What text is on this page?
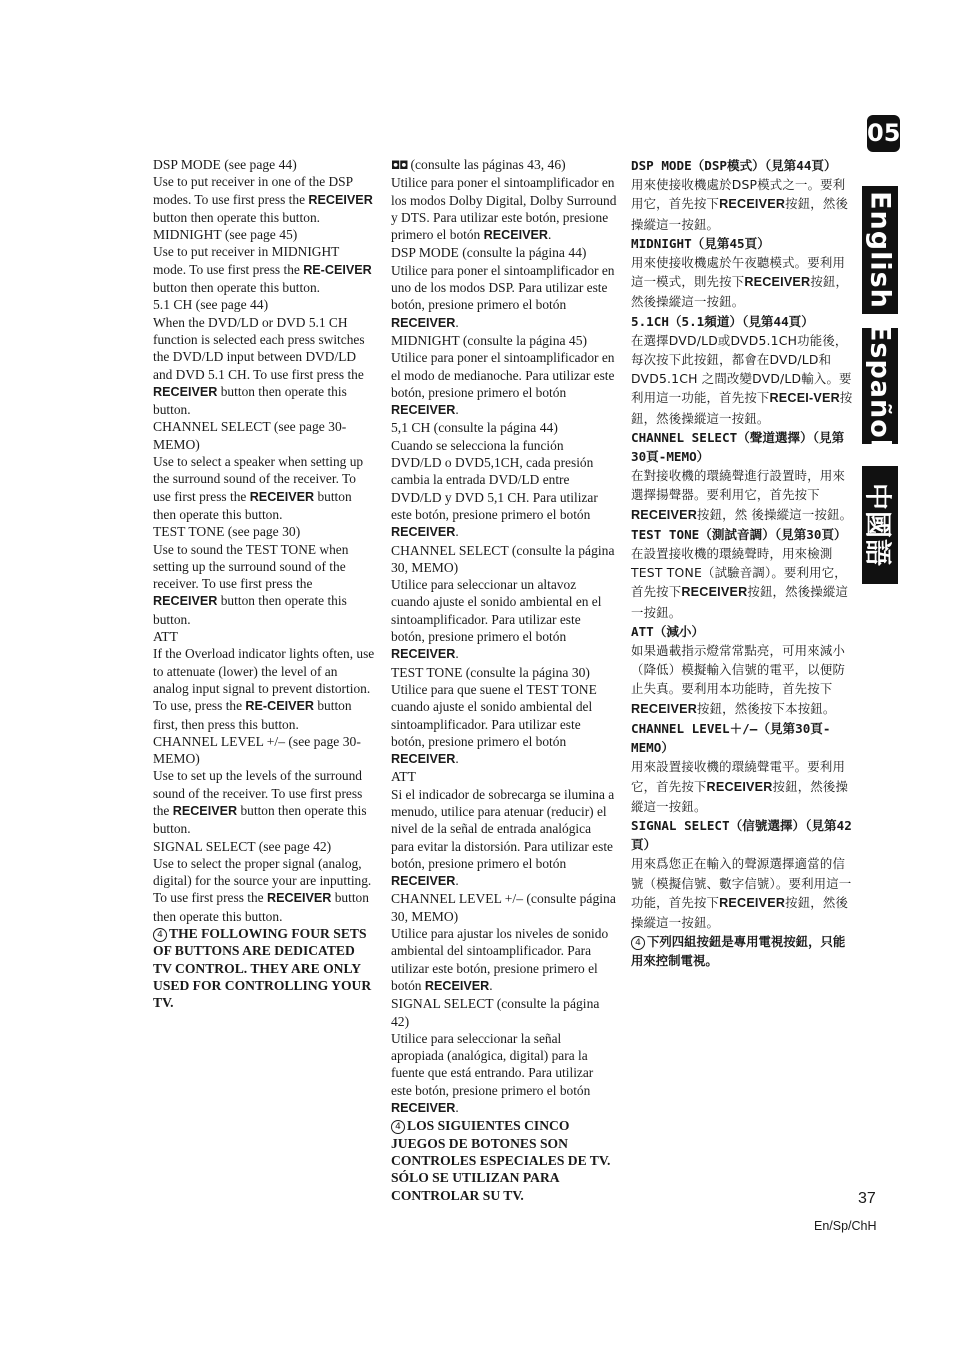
DSP MODE (see page 44)
Use to put receiver in one of the DSP modes. To use first press the RECEIVER button then operate this button.
MIDNIGHT (see page 45)
Use to put receiver in MIDNIGHT mode. To use first press the RE-CEIVER button then operate this button.
5.1 CH (see page 44)
When the DVD/LD or DVD 5.1 CH function is selected each press switches the DVD/LD input between DVD/LD and DVD 5.1 CH. To use first press the RECEIVER button then operate this button.
CHANNEL SELECT (see page 30-MEMO)
Use to select a speaker when setting up the surround sound of the receiver. To use first press the RECEIVER button then operate this button.
TEST TONE (see page 30)
Use to sound the TEST TONE when setting up the surround sound of the receiver. To use first press the RECEIVER button then operate this button.
ATT
If the Overload indicator lights often, use to attenuate (lower) the level of an analog input signal to prevent distortion. To use, press the RE-CEIVER button first, then press this button.
CHANNEL LEVEL +/– (see page 30-MEMO)
Use to set up the levels of the surround sound of the receiver. To use first press the RECEIVER button then operate this button.
SIGNAL SELECT (see page 42)
Use to select the proper signal (analog, digital) for the source your are inputting. To use first press the RECEIVER button then operate this button.
4 THE FOLLOWING FOUR SETS OF BUTTONS ARE DEDICATED TV CONTROL. THEY ARE ONLY USED FOR CONTROLLING YOUR TV.
◘◘ (consulte las páginas 43, 46)
Utilice para poner el sintoamplificador en los modos Dolby Digital, Dolby Surround y DTS. Para utilizar este botón, presione primero el botón RECEIVER.
DSP MODE (consulte la página 44)
Utilice para poner el sintoamplificador en uno de los modos DSP. Para utilizar este botón, presione primero el botón RECEIVER.
MIDNIGHT (consulte la página 45)
Utilice para poner el sintoamplificador en el modo de medianoche. Para utilizar este botón, presione primero el botón RECEIVER.
5,1 CH (consulte la página 44)
Cuando se selecciona la función DVD/LD o DVD5,1CH, cada presión cambia la entrada DVD/LD entre DVD/LD y DVD 5,1 CH. Para utilizar este botón, presione primero el botón RECEIVER.
CHANNEL SELECT (consulte la página 30, MEMO)
Utilice para seleccionar un altavoz cuando ajuste el sonido ambiental en el sintoamplificador. Para utilizar este botón, presione primero el botón RECEIVER.
TEST TONE (consulte la página 30)
Utilice para que suene el TEST TONE cuando ajuste el sonido ambiental del sintoamplificador. Para utilizar este botón, presione primero el botón RECEIVER.
ATT
Si el indicador de sobrecarga se ilumina a menudo, utilice para atenuar (reducir) el nivel de la señal de entrada analógica para evitar la distorsión. Para utilizar este botón, presione primero el botón RECEIVER.
CHANNEL LEVEL +/– (consulte página 30, MEMO)
Utilice para ajustar los niveles de sonido ambiental del sintoamplificador. Para utilizar este botón, presione primero el botón RECEIVER.
SIGNAL SELECT (consulte la página 42)
Utilice para seleccionar la señal apropiada (analógica, digital) para la fuente que está entrando. Para utilizar este botón, presione primero el botón RECEIVER.
4 LOS SIGUIENTES CINCO JUEGOS DE BOTONES SON CONTROLES ESPECIALES DE TV. SÓLO SE UTILIZAN PARA CONTROLAR SU TV.
DSP MODE（DSP模式）（見第44頁）
用來使接收機處於DSP模式之一。要利用它，首先按下RECEIVER按鈕，然後操縱這一按鈕。
MIDNIGHT（見第45頁）
用來使接收機處於午夜聽模式。要利用這一模式，則先按下RECEIVER按鈕，然後操縱這一按鈕。
5.1CH（5.1頻道）（見第44頁）
在選擇DVD/LD或DVD5.1CH功能後，每次按下此按鈕，都會在DVD/LD和DVD5.1CH 之間改變DVD/LD輸入。要利用這一功能，首先按下RECEI-VER按鈕，然後操縱這一按鈕。
CHANNEL SELECT（聲道選擇）（見第30頁-MEMO）
在對接收機的環繞聲進行設置時，用來選擇揚聲器。要利用它，首先按下RECEIVER按鈕，然 後操縱這一按鈕。
TEST TONE（測試音調）（見第30頁）
在設置接收機的環繞聲時，用來檢測TEST TONE（試驗音調）。要利用它，首先按下RECEIVER按鈕，然後操縱這一按鈕。
ATT（減小）
如果過載指示燈常常點亮，可用來減小（降低）模擬輸入信號的電平，以便防止失真。要利用本功能時，首先按下RECEIVER按鈕，然後按下本按鈕。
CHANNEL LEVEL＋/–（見第30頁-MEMO）
用來設置接收機的環繞聲電平。要利用它，首先按下RECEIVER按鈕，然後操縱這一按鈕。
SIGNAL SELECT（信號選擇）（見第42頁）
用來爲您正在輸入的聲源選擇適當的信號（模擬信號、數字信號）。要利用這一功能，首先按下RECEIVER按鈕，然後操縱這一按鈕。
4 下列四組按鈕是專用電視按鈕，只能用來控制電視。
05
English
Español
中國語
37
En/Sp/ChH
